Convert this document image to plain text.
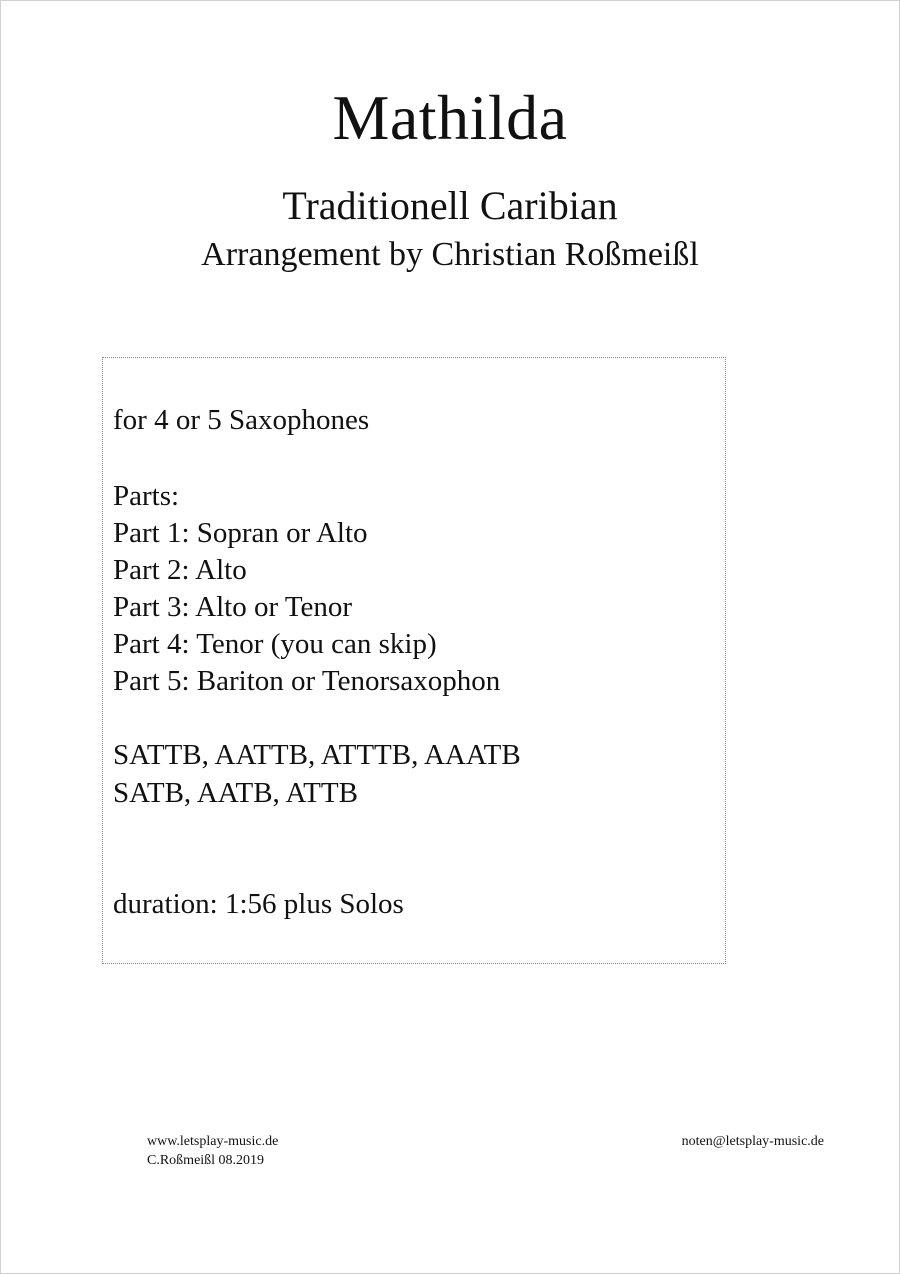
Mathilda
Traditionell Caribian
Arrangement by Christian Roßmeißl
for 4 or 5 Saxophones
Parts:
Part 1: Sopran or Alto
Part 2: Alto
Part 3: Alto or Tenor
Part 4: Tenor (you can skip)
Part 5: Bariton or Tenorsaxophon
SATTB, AATTB, ATTTB, AAATB
SATB, AATB, ATTB
duration: 1:56 plus Solos
www.letsplay-music.de
C.Roßmeißl 08.2019
noten@letsplay-music.de
